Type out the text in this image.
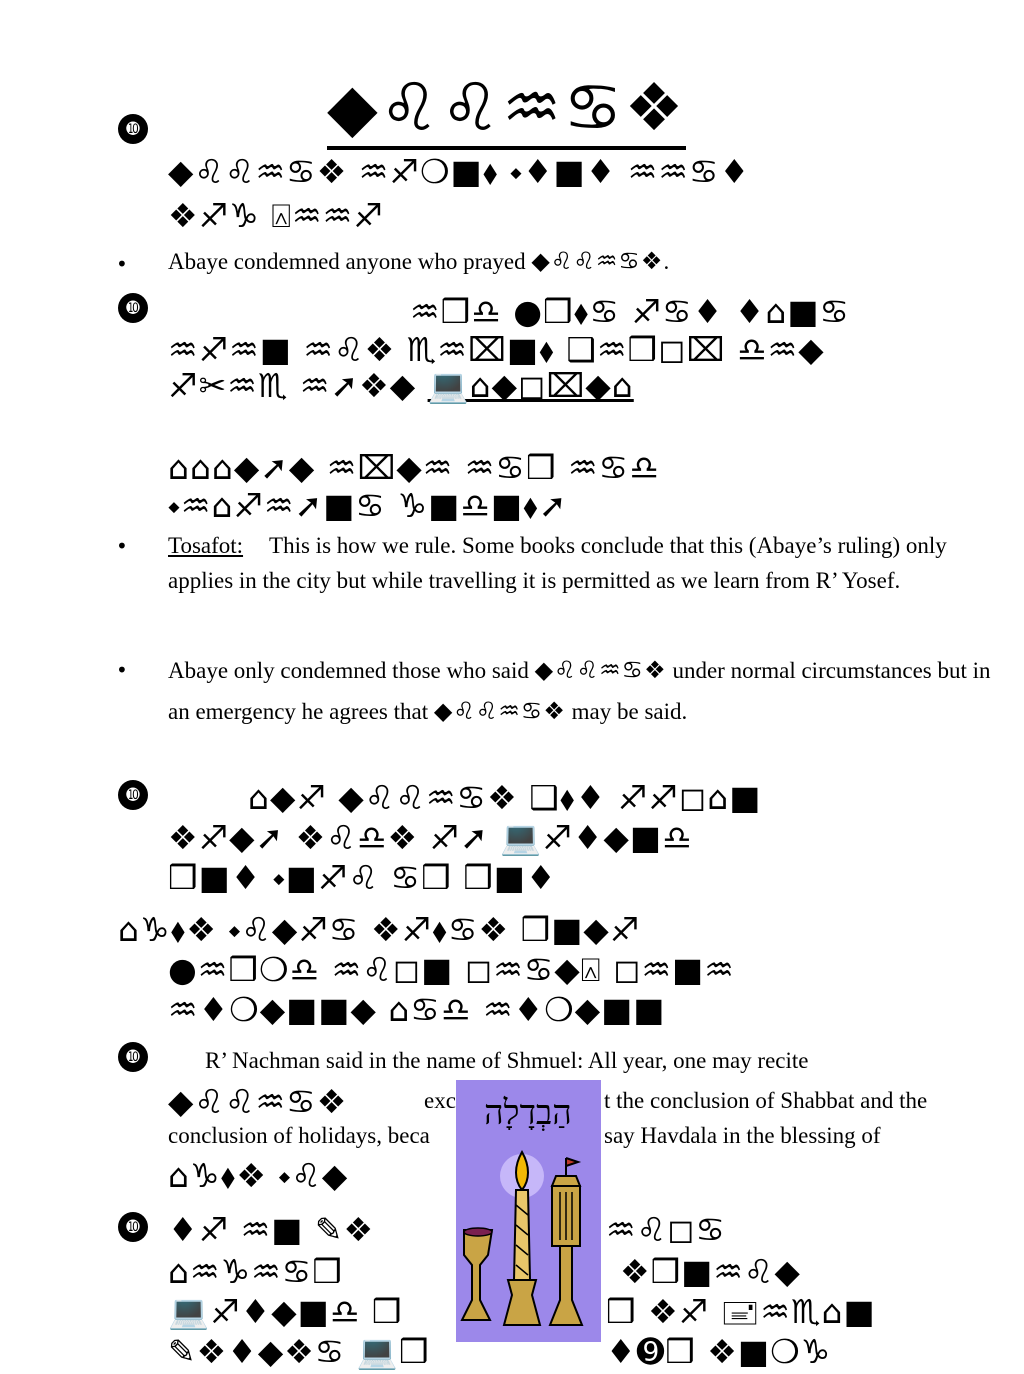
◆♌♌♒♋❖
➓
◆♌♌♒♋❖ ♒♐❍■⬧ ⬩♦■♦ ♒♒♋♦
❖♐♑ ⍓♒♒♐
• Abaye condemned anyone who prayed ◆♌♌♒♋❖.
➓	♒❒♎ ●❒⬧♋ ♐♋♦ ♦⌂■♋
♒♐♒■ ♒♌❖ ♏♒⌧■⬧ ❑♒❒◻⌧ ♎♒◆
♐✂♒♏ ♒➚❖◆ 💻⌂◆◻⌧◆⌂
⌂⌂⌂◆➚◆ ♒⌧◆♒ ♒♋❒ ♒♋♎
⬩♒⌂♐♒➚■♋ ♑■♎■⬧➚
• Tosafot: This is how we rule. Some books conclude that this (Abaye’s ruling) only applies in the city but while travelling it is permitted as we learn from R’ Yosef.
• Abaye only condemned those who said ◆♌♌♒♋❖ under normal circumstances but in an emergency he agrees that ◆♌♌♒♋❖ may be said.
➓	⌂◆♐ ◆♌♌♒♋❖ ❑⬧♦ ♐♐◻⌂■
❖♐◆➚ ❖♌♎❖ ♐➚ 💻♐♦◆■♎
❒■♦ ⬩■♐♌ ♋❒ ❒■♦
⌂♑⬧❖ ⬩♌◆♐♋ ❖♐⬧♋❖ ❒■◆♐
●♒❒❍♎ ♒♌◻■ ◻♒♋◆⍓ ◻♒■♒
♒♦❍◆■■◆ ⌂♋♎ ♒♦❍◆■■
➓	R’ Nachman said in the name of Shmuel: All year, one may recite
◆♌♌♒♋❖	exc	t the conclusion of Shabbat and the
conclusion of holidays, beca	say Havdala in the blessing of
⌂♑⬧❖ ⬩♌◆
➓ ♦♐ ♒■ ✎❖
⌂♒♑♒♋❒
💻♐♦◆■♎ ❒
✎❖♦◆❖♋ 💻❒
♒♌◻♋
❖❒■♒♌◆
❒ ❖♐ 🖃♒♏⌂■
♦➒❒ ❖■❍♑
הַבְדָלָה
